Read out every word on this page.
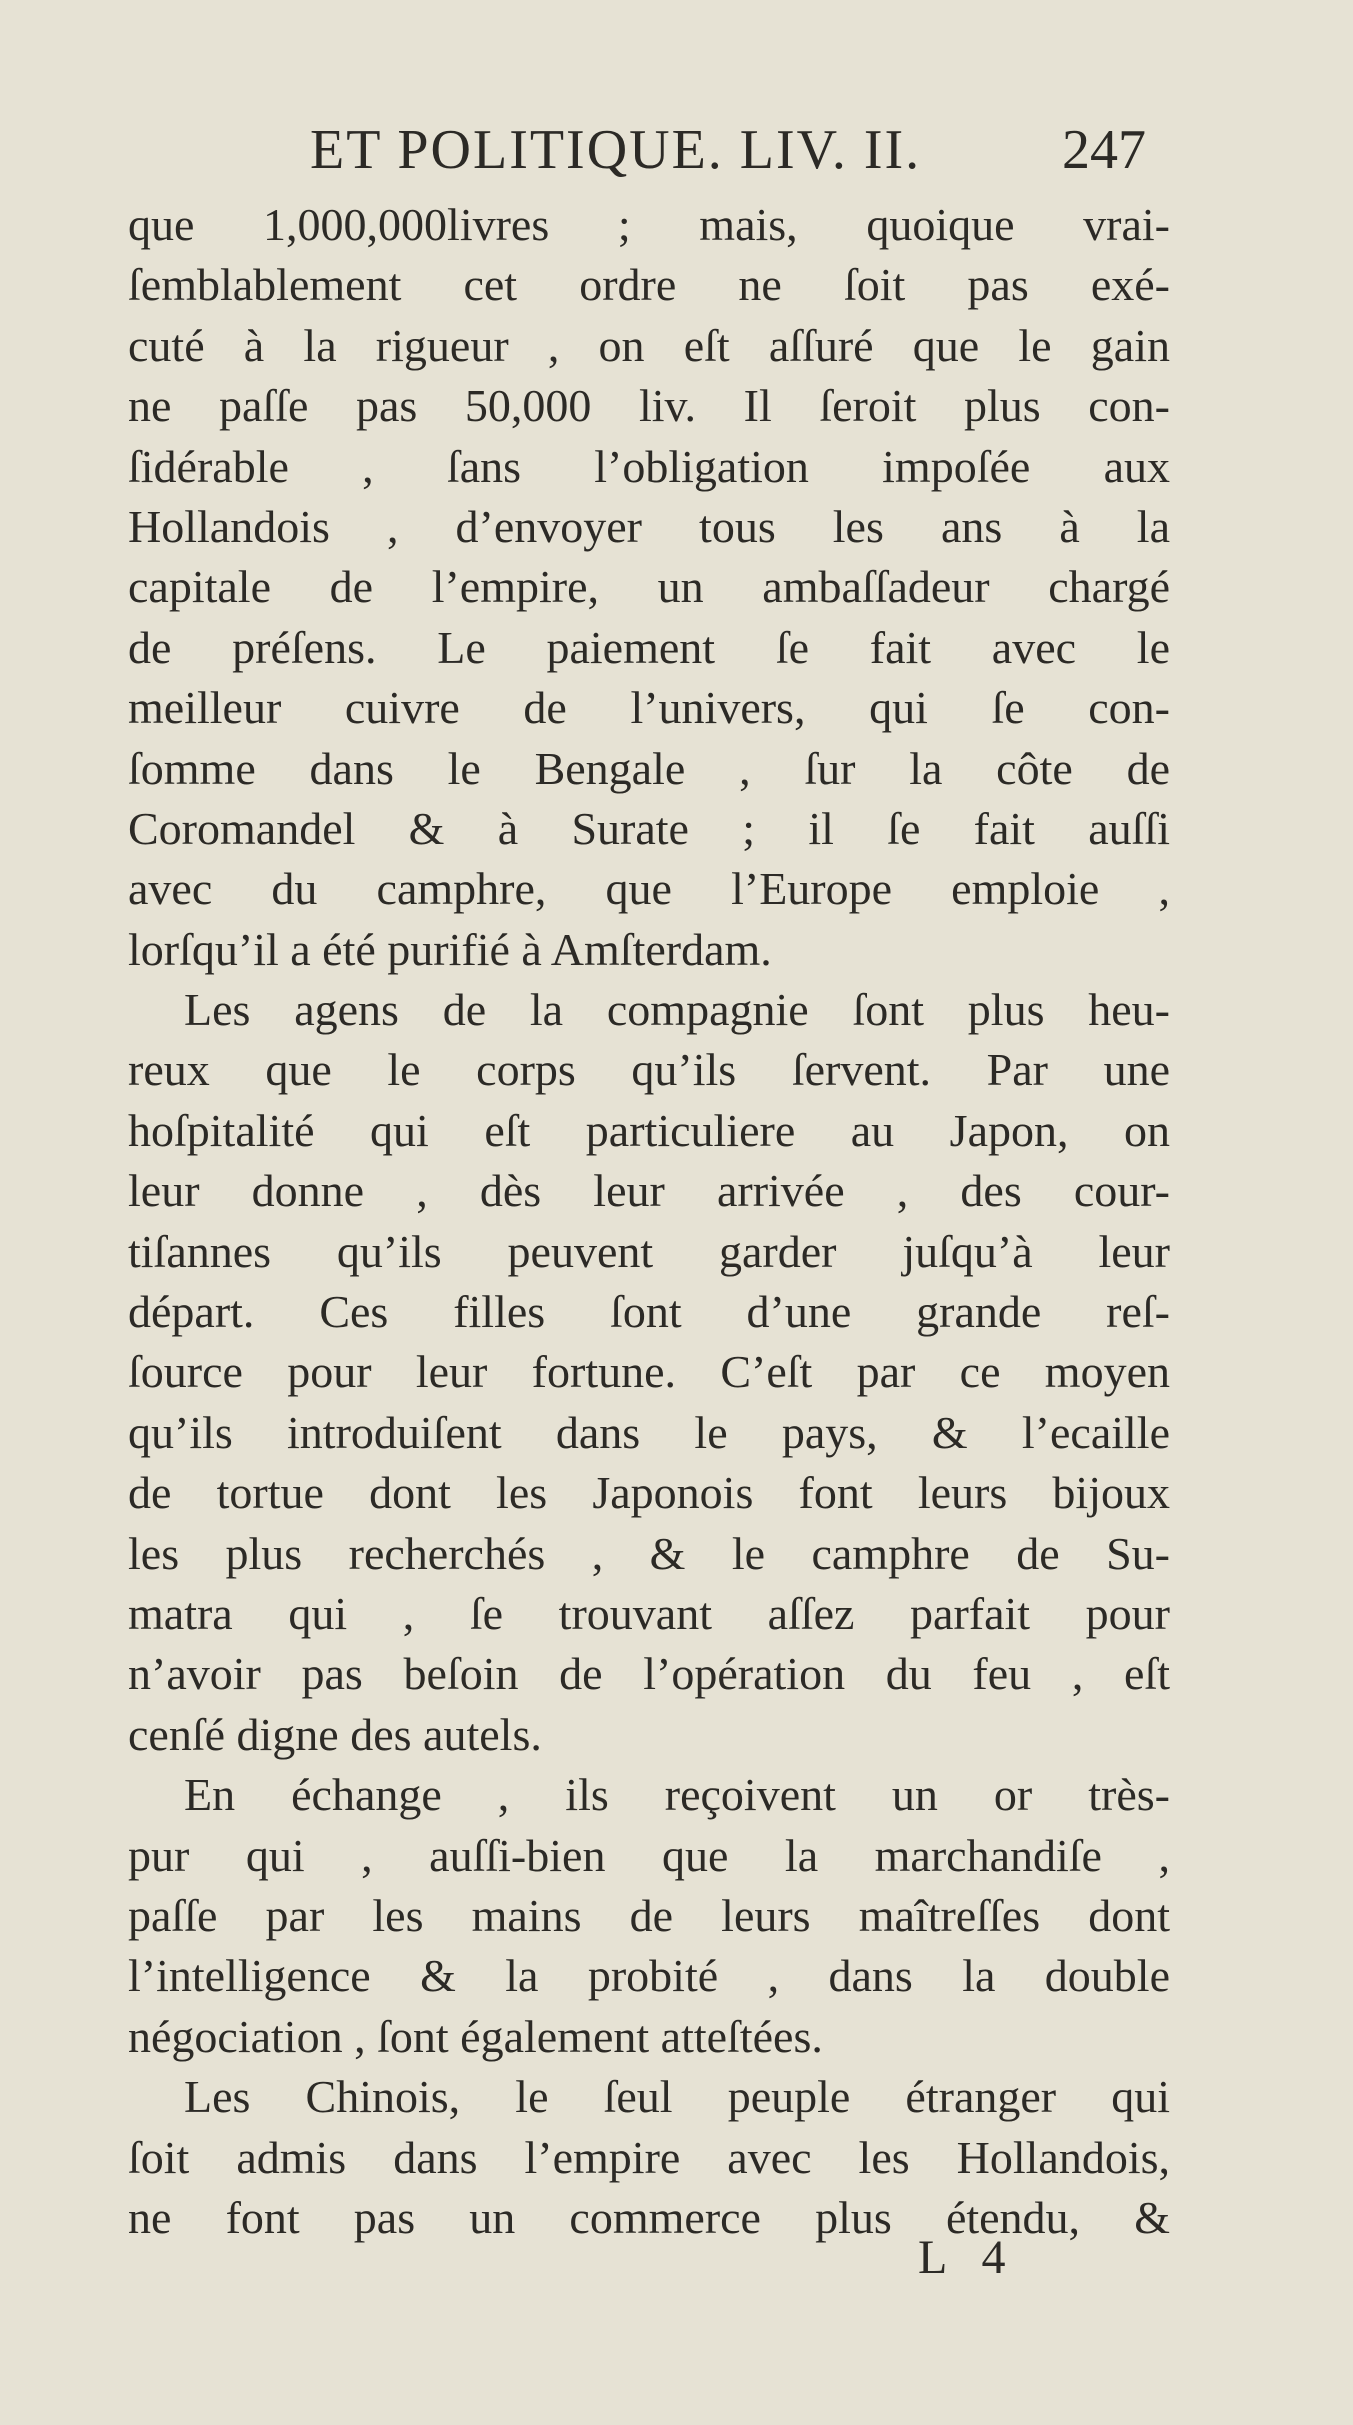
ET POLITIQUE. LIV. II.	247
que 1,000,000livres ; mais, quoique vrai-
ſemblablement cet ordre ne ſoit pas exé-
cuté à la rigueur , on eſt aſſuré que le gain
ne paſſe pas 50,000 liv. Il ſeroit plus con-
ſidérable , ſans l’obligation impoſée aux
Hollandois , d’envoyer tous les ans à la
capitale de l’empire, un ambaſſadeur chargé
de préſens. Le paiement ſe fait avec le
meilleur cuivre de l’univers, qui ſe con-
ſomme dans le Bengale , ſur la côte de
Coromandel & à Surate ; il ſe fait auſſi
avec du camphre, que l’Europe emploie ,
lorſqu’il a été purifié à Amſterdam.
Les agens de la compagnie ſont plus heu-
reux que le corps qu’ils ſervent. Par une
hoſpitalité qui eſt particuliere au Japon, on
leur donne , dès leur arrivée , des cour-
tiſannes qu’ils peuvent garder juſqu’à leur
départ. Ces filles ſont d’une grande reſ-
ſource pour leur fortune. C’eſt par ce moyen
qu’ils introduiſent dans le pays, & l’ecaille
de tortue dont les Japonois font leurs bijoux
les plus recherchés , & le camphre de Su-
matra qui , ſe trouvant aſſez parfait pour
n’avoir pas beſoin de l’opération du feu , eſt
cenſé digne des autels.
En échange , ils reçoivent un or très-
pur qui , auſſi-bien que la marchandiſe ,
paſſe par les mains de leurs maîtreſſes dont
l’intelligence & la probité , dans la double
négociation , ſont également atteſtées.
Les Chinois, le ſeul peuple étranger qui
ſoit admis dans l’empire avec les Hollandois,
ne font pas un commerce plus étendu, &
L 4
